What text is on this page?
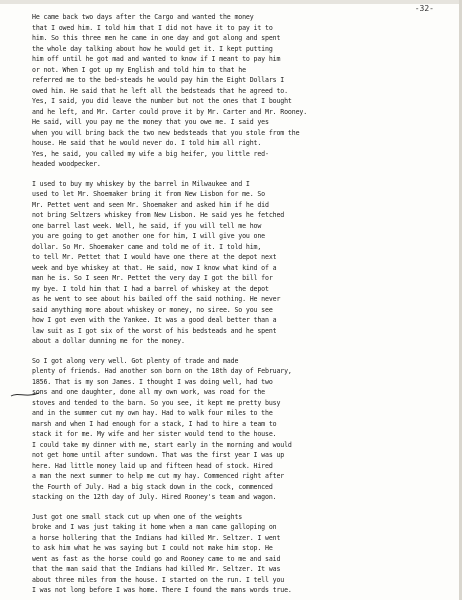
-32-
He came back two days after the Cargo and wanted the money
that I owed him. I told him that I did not have it to pay it to
him. So this three men he came in one day and got along and spent
the whole day talking about how he would get it. I kept putting
him off until he got mad and wanted to know if I meant to pay him
or not. When I got up my English and told him to that he
referred me to the bed-steads he would pay him the Eight Dollars I
owed him. He said that he left all the bedsteads that he agreed to.
Yes, I said, you did leave the number but not the ones that I bought
and he left, and Mr. Carter could prove it by Mr. Carter and Mr. Rooney.
He said, will you pay me the money that you owe me. I said yes
when you will bring back the two new bedsteads that you stole from the
house. He said that he would never do. I told him all right.
Yes, he said, you called my wife a big heifer, you little red-
headed woodpecker.
I used to buy my whiskey by the barrel in Milwaukee and I
used to let Mr. Shoemaker bring it from New Lisbon for me. So
Mr. Pettet went and seen Mr. Shoemaker and asked him if he did
not bring Seltzers whiskey from New Lisbon. He said yes he fetched
one barrel last week. Well, he said, if you will tell me how
you are going to get another one for him, I will give you one
dollar. So Mr. Shoemaker came and told me of it. I told him,
to tell Mr. Pettet that I would have one there at the depot next
week and bye whiskey at that. He said, now I know what kind of a
man he is. So I seen Mr. Pettet the very day I got the bill for
my bye. I told him that I had a barrel of whiskey at the depot
as he went to see about his bailed off the said nothing. He never
said anything more about whiskey or money, no siree. So you see
how I got even with the Yankee. It was a good deal better than a
law suit as I got six of the worst of his bedsteads and he spent
about a dollar dunning me for the money.
So I got along very well. Got plenty of trade and made
plenty of friends. Had another son born on the 18th day of February,
1856. That is my son James. I thought I was doing well, had two
sons and one daughter, done all my own work, was road for the
stoves and tended to the barn. So you see, it kept me pretty busy
and in the summer cut my own hay. Had to walk four miles to the
marsh and when I had enough for a stack, I had to hire a team to
stack it for me. My wife and her sister would tend to the house.
I could take my dinner with me, start early in the morning and would
not get home until after sundown. That was the first year I was up
here. Had little money laid up and fifteen head of stock. Hired
a man the next summer to help me cut my hay. Commenced right after
the Fourth of July. Had a big stack down in the cock, commenced
stacking on the 12th day of July. Hired Rooney's team and wagon.
Just got one small stack cut up when one of the weights
broke and I was just taking it home when a man came galloping on
a horse hollering that the Indians had killed Mr. Seltzer. I went
to ask him what he was saying but I could not make him stop. He
went as fast as the horse could go and Rooney came to me and said
that the man said that the Indians had killed Mr. Seltzer. It was
about three miles from the house. I started on the run. I tell you
I was not long before I was home. There I found the mans words true.
